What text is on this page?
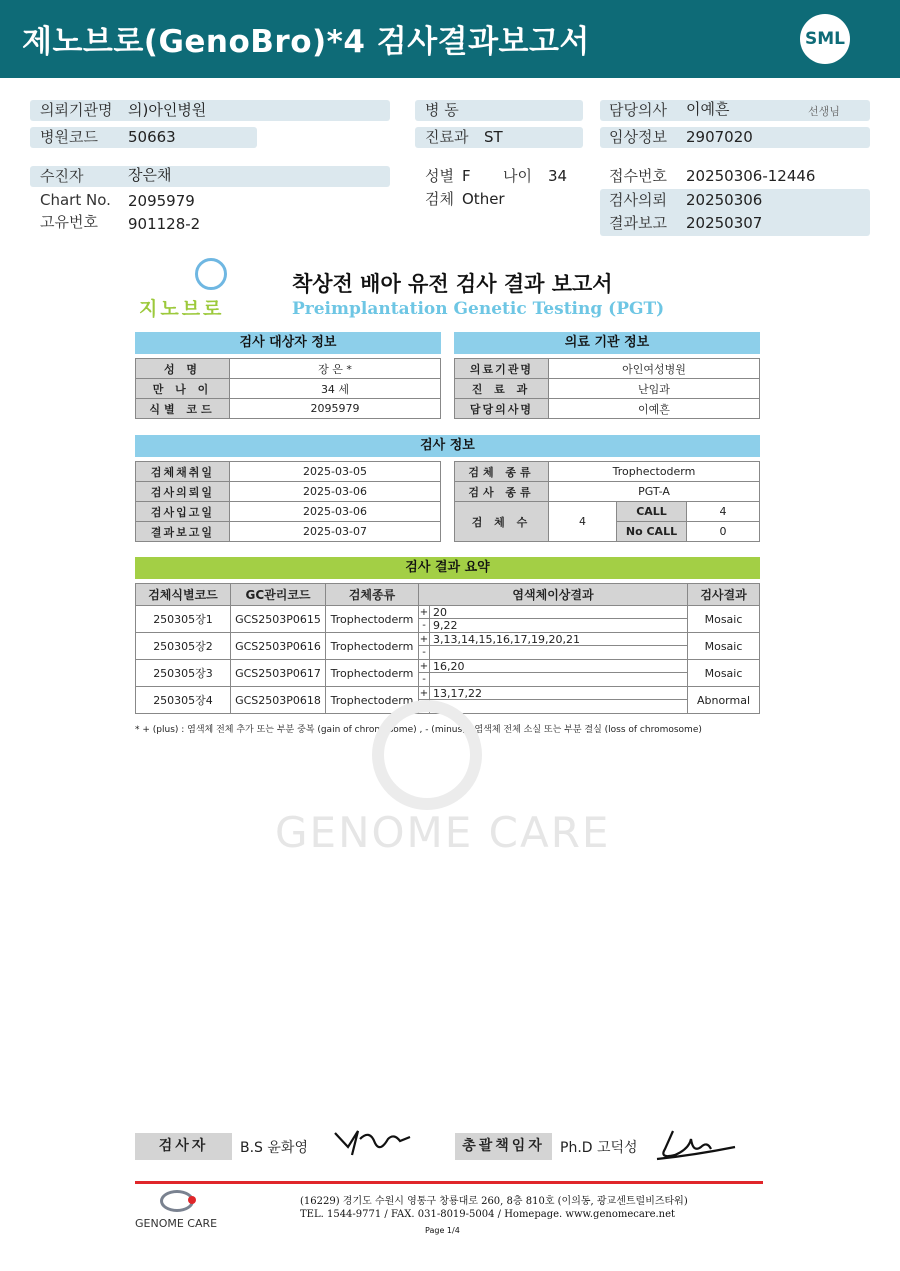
제노브로(GenoBro)*4 검사결과보고서	SML
의뢰기관명 의)아인병원
병원코드 50663
병 동
진료과 ST
담당의사 이예흔	선생님
임상정보 2907020
수진자	장은채
Chart No. 2095979
고유번호 901128-2
성별 F 나이 34
검체 Other
접수번호 20250306-12446
검사의뢰 20250306
결과보고 20250307
지노브로
착상전 배아 유전 검사 결과 보고서
Preimplantation Genetic Testing (PGT)
검사 대상자 정보
성 명	장 은 *
만 나 이	34 세
식별 코드	2095979
의료 기관 정보
의료기관명	아인여성병원
진 료 과	난임과
담당의사명	이예흔
검사 정보
검체채취일	2025-03-05
검사의뢰일	2025-03-06
검사입고일	2025-03-06
결과보고일	2025-03-07
검체 종류	Trophectoderm		
검사 종류	PGT-A		
검 체 수	4	CALL	4
		No CALL	0
검사 결과 요약
검체식별코드	GC관리코드	검체종류	염색체이상결과	검사결과
250305장1	GCS2503P0615	Trophectoderm	+ 20
- 9,22	Mosaic
250305장2	GCS2503P0616	Trophectoderm	+ 3,13,14,15,16,17,19,20,21
-	Mosaic
250305장3	GCS2503P0617	Trophectoderm	+ 16,20
-	Mosaic
250305장4	GCS2503P0618	Trophectoderm	+ 13,17,22
- X	Abnormal
* + (plus) : 염색체 전체 추가 또는 부분 중복 (gain of chromosome) , - (minus) : 염색체 전체 소실 또는 부분 결실 (loss of chromosome)
GENOME CARE
검사자	B.S 윤화영	총괄책임자	Ph.D 고덕성
GENOME CARE
(16229) 경기도 수원시 영통구 창룡대로 260, 8층 810호 (이의동, 광교센트럴비즈타워)
TEL. 1544-9771 / FAX. 031-8019-5004 / Homepage. www.genomecare.net
Page 1/4
